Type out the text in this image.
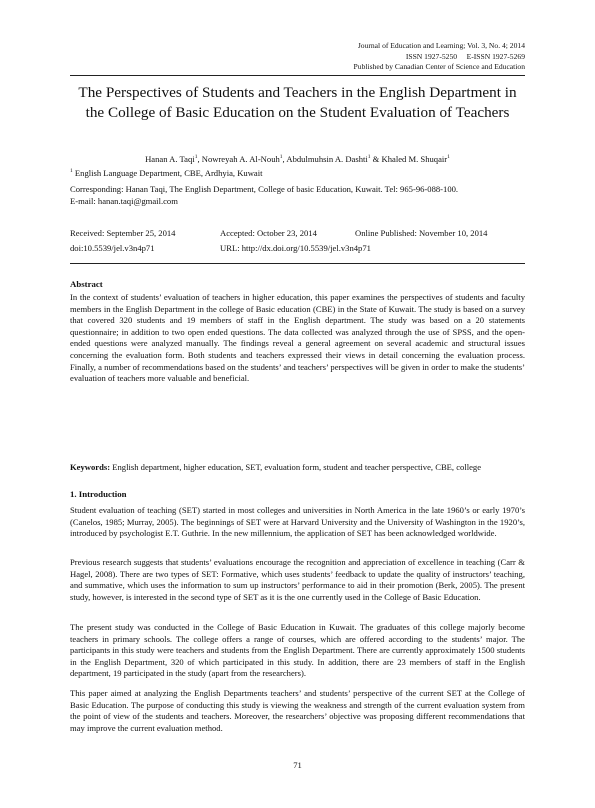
Journal of Education and Learning; Vol. 3, No. 4; 2014
ISSN 1927-5250     E-ISSN 1927-5269
Published by Canadian Center of Science and Education
The Perspectives of Students and Teachers in the English Department in the College of Basic Education on the Student Evaluation of Teachers
Hanan A. Taqi$^1$, Nowreyah A. Al-Nouh$^1$, Abdulmuhsin A. Dashti$^1$ & Khaled M. Shuqair$^1$
$^1$ English Language Department, CBE, Ardhyia, Kuwait
Corresponding: Hanan Taqi, The English Department, College of basic Education, Kuwait. Tel: 965-96-088-100.
E-mail: hanan.taqi@gmail.com
Received: September 25, 2014	Accepted: October 23, 2014	Online Published: November 10, 2014
doi:10.5539/jel.v3n4p71	URL: http://dx.doi.org/10.5539/jel.v3n4p71
Abstract
In the context of students’ evaluation of teachers in higher education, this paper examines the perspectives of students and faculty members in the English Department in the college of Basic education (CBE) in the State of Kuwait. The study is based on a survey that covered 320 students and 19 members of staff in the English department. The study was based on a 20 statements questionnaire; in addition to two open ended questions. The data collected was analyzed through the use of SPSS, and the open-ended questions were analyzed manually. The findings reveal a general agreement on several academic and structural issues concerning the evaluation form. Both students and teachers expressed their views in detail concerning the evaluation process. Finally, a number of recommendations based on the students’ and teachers’ perspectives will be given in order to make the students’ evaluation of teachers more valuable and beneficial.
Keywords: English department, higher education, SET, evaluation form, student and teacher perspective, CBE, college
1. Introduction
Student evaluation of teaching (SET) started in most colleges and universities in North America in the late 1960’s or early 1970’s (Canelos, 1985; Murray, 2005). The beginnings of SET were at Harvard University and the University of Washington in the 1920’s, introduced by psychologist E.T. Guthrie. In the new millennium, the application of SET has been acknowledged worldwide.
Previous research suggests that students’ evaluations encourage the recognition and appreciation of excellence in teaching (Carr & Hagel, 2008). There are two types of SET: Formative, which uses students’ feedback to update the quality of instructors’ teaching, and summative, which uses the information to sum up instructors’ performance to aid in their promotion (Berk, 2005). The present study, however, is interested in the second type of SET as it is the one currently used in the College of Basic Education.
The present study was conducted in the College of Basic Education in Kuwait. The graduates of this college majorly become teachers in primary schools. The college offers a range of courses, which are offered according to the students’ major. The participants in this study were teachers and students from the English Department. There are currently approximately 1500 students in the English Department, 320 of which participated in this study. In addition, there are 23 members of staff in the English department, 19 participated in the study (apart from the researchers).
This paper aimed at analyzing the English Departments teachers’ and students’ perspective of the current SET at the College of Basic Education. The purpose of conducting this study is viewing the weakness and strength of the current evaluation system from the point of view of the students and teachers. Moreover, the researchers’ objective was proposing different recommendations that may improve the current evaluation method.
71
